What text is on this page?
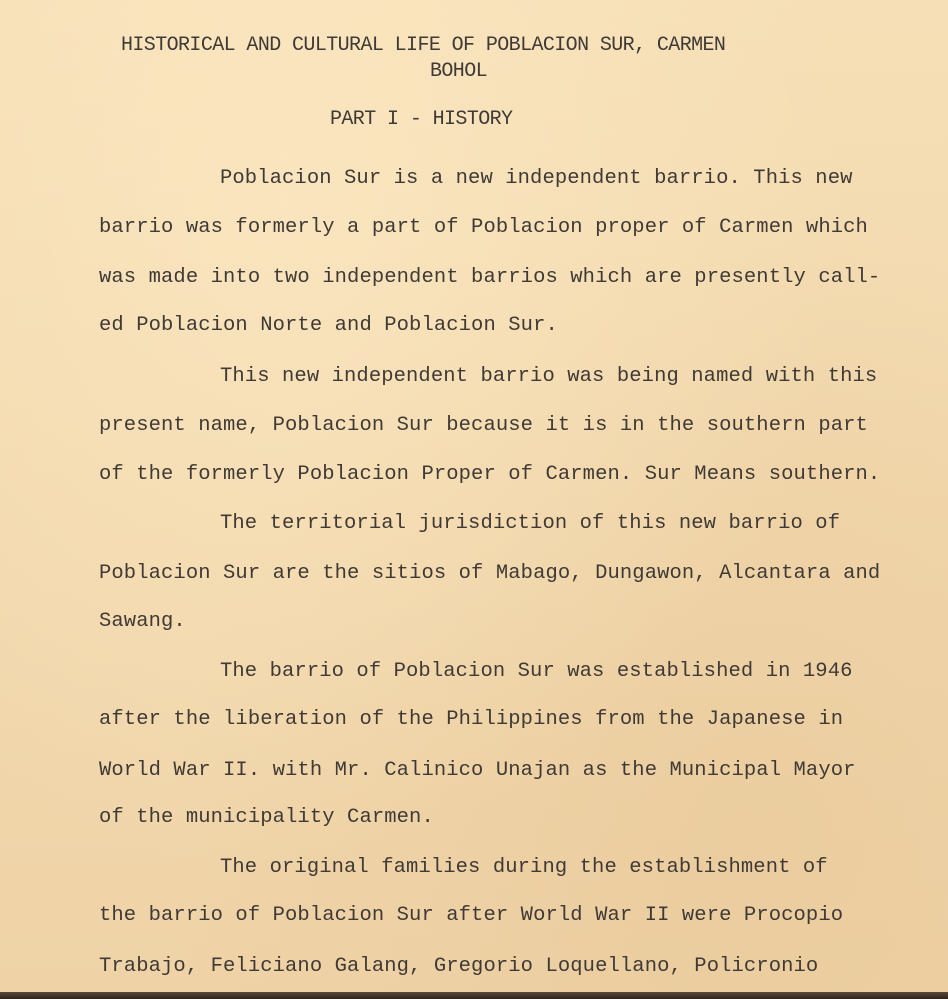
HISTORICAL AND CULTURAL LIFE OF POBLACION SUR, CARMEN

BOHOL

PART I - HISTORY

Poblacion Sur is a new independent barrio. This new

barrio was formerly a part of Poblacion proper of Carmen which

was made into two independent barrios which are presently call-

ed Poblacion Norte and Poblacion Sur.

This new independent barrio was being named with this

present name, Poblacion Sur because it is in the southern part

of the formerly Poblacion Proper of Carmen. Sur Means southern.

The territorial jurisdiction of this new barrio of

Poblacion Sur are the sitios of Mabago, Dungawon, Alcantara and

Sawang.

The barrio of Poblacion Sur was established in 1946

after the liberation of the Philippines from the Japanese in

World War II. with Mr. Calinico Unajan as the Municipal Mayor

of the municipality Carmen.

The original families during the establishment of

the barrio of Poblacion Sur after World War II were Procopio

Trabajo, Feliciano Galang, Gregorio Loquellano, Policronio
